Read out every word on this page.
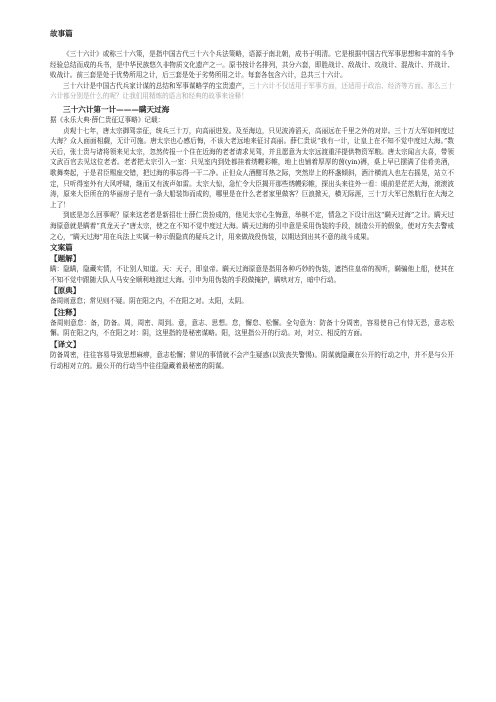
故事篇

《三十六计》或称三十六策，是指中国古代三十六个兵法策略，语源于南北朝，成书于明清。它是根据中国古代军事思想和丰富的斗争经验总结而成的兵书，是中华民族悠久非物质文化遗产之一。原书按计名排列，共分六套，即胜战计、敌战计、攻战计、混战计、并战计、败战计。前三套是处于优势所用之计，后三套是处于劣势所用之计。每套各包含六计，总共三十六计。

三十六计是中国古代兵家计谋的总结和军事谋略学的宝贵遗产，三十六计不仅适用于军事方面，还适用于政治、经济等方面。那么三十六计都分别是什么的呢？让我们用精炼的语言和经典的故事来诠释！

三十六计第一计———瞒天过海

据《永乐大典·薛仁贵征辽事略》记载：

贞观十七年，唐太宗御驾亲征，统兵三十万，向高丽进发。及至海边，只见波涛滔天，高丽远在千里之外的对岸。三十万大军如何度过大海？众人面面相觑，无计可施。唐太宗也心感后悔，不该大老远地来征讨高丽。薛仁贵说“我有一计，让皇上在不知不觉中度过大海。”数天后，张士贵与诸将领来见太宗，忽然传报一个住在近海的老者请求见驾，并且愿意为太宗远渡重洋提供物资军粮。唐太宗闻言大喜，带领文武百官去见这位老者。老者把太宗引入一室：只见室内到处都挂着绣幔彩帷，地上也铺着厚厚的茵(yin)褥，桌上早已摆满了佳肴美酒，歌舞奏起，于是君臣赐座交错，把过海的事忘得一干二净。正但众人酒酣耳热之际，突然岸上的杯盏倾斜，酒汁横流人也左右摇晃，站立不定，只听得室外有大风呼啸，继而又有波声如雷。太宗大惊，急忙令大臣揭开那些绣幔彩帷，探出头来往外一看：眼前是茫茫大海，滚滚波涛，原来大臣所在的华丽房子是有一条大船装饰而成的，哪里是在什么老者家里做客？巨浪掀天，横无际涯，三十万大军已然航行在大海之上了！

到底是怎么回事呢？原来这老者是新招壮士薛仁贵扮成的，他见太宗心生悔意，举棋不定，情急之下设计出这“瞒天过海”之计。瞒天过海原意就是瞒着“真龙天子”唐太宗，使之在不知不觉中度过大海。瞒天过海的引申意是采用伪装的手段，制造公开的假象，使对方失去警戒之心，“瞒天过海”用在兵法上实属一种示假隐真的疑兵之计，用来做战役伪装，以期达到出其不意的战斗成果。

文案篇

【题解】

瞒：隐瞒，隐藏实情，不让别人知道。天：天子，即皇帝。瞒天过海原意是指用各种巧妙的伪装，遮挡住皇帝的视听，瞒骗他上船，使其在不知不觉中跟随大队人马安全顺利地渡过大海。引申为用伪装的手段做掩护，瞒哄对方，暗中行动。

【原典】

备周则意怠；常见则不疑。阴在阳之内，不在阳之对。太阳，太阴。

【注释】

备周则意怠：备，防备。周，周密、周到。意，意志、思想。怠，懈怠、松懈。全句意为：防备十分周密，容易使自己有恃无恐，意志松懈。阴在阳之内，不在阳之对：阴，这里指的是秘密谋略。阳，这里指公开的行动。对，对立、相反的方面。

【译文】

防备周密，往往容易导致思想麻痹，意志松懈；常见的事情就不会产生疑惑(以致丧失警惕)。阴谋就隐藏在公开的行动之中，并不是与公开行动相对立的。最公开的行动当中往往隐藏着最秘密的阴谋。
